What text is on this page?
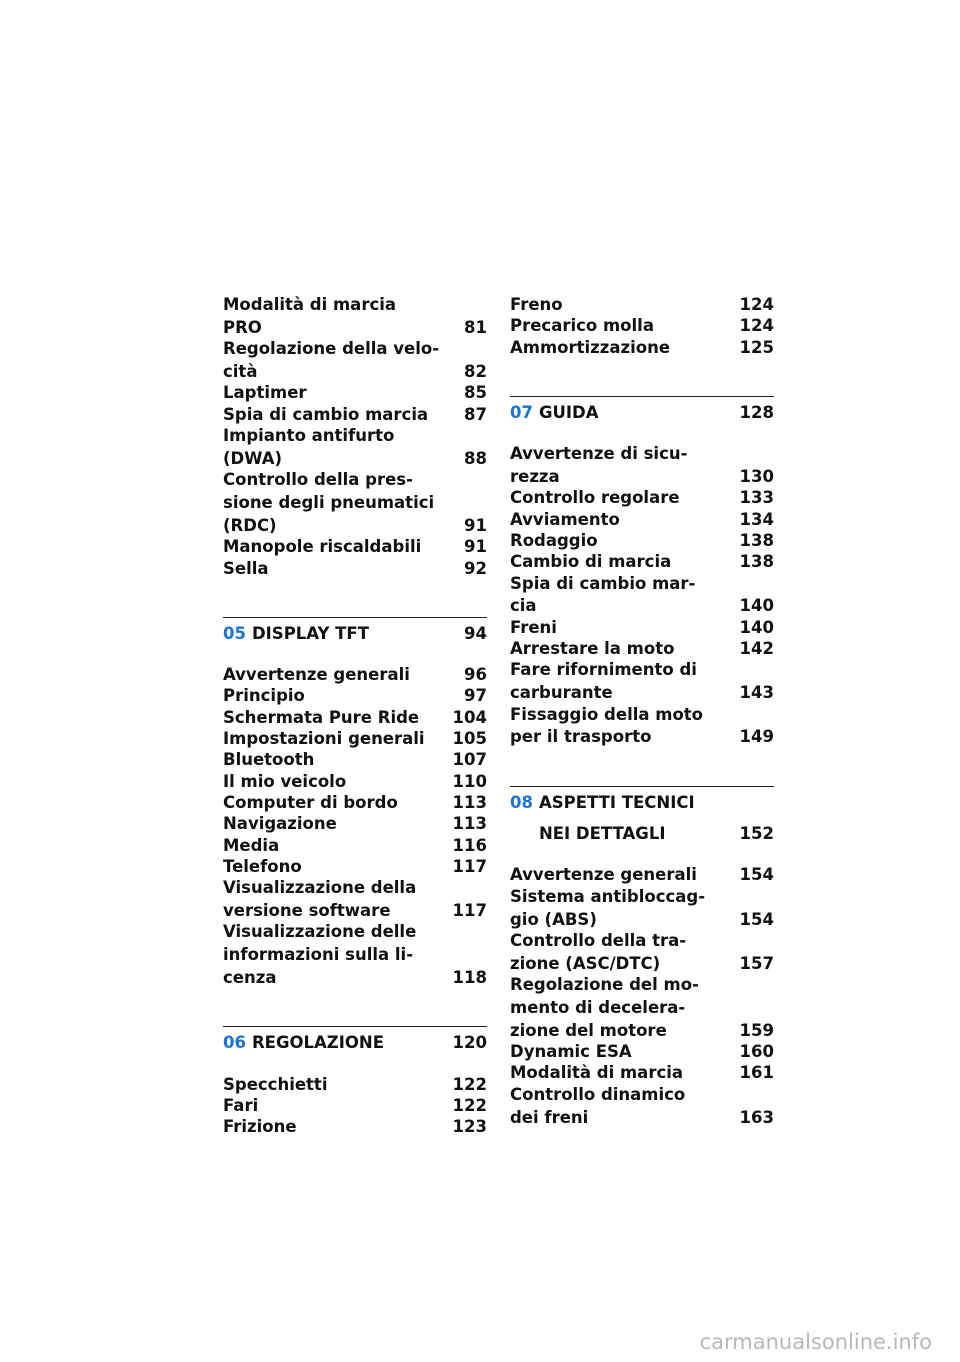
Modalità di marcia
PRO	81
Regolazione della velo-
cità	82
Laptimer	85
Spia di cambio marcia	87
Impianto antifurto
(DWA)	88
Controllo della pres-
sione degli pneumatici
(RDC)	91
Manopole riscaldabili	91
Sella	92
05 DISPLAY TFT	94
Avvertenze generali	96
Principio	97
Schermata Pure Ride	104
Impostazioni generali	105
Bluetooth	107
Il mio veicolo	110
Computer di bordo	113
Navigazione	113
Media	116
Telefono	117
Visualizzazione della
versione software	117
Visualizzazione delle
informazioni sulla li-
cenza	118
06 REGOLAZIONE	120
Specchietti	122
Fari	122
Frizione	123
Freno	124
Precarico molla	124
Ammortizzazione	125
07 GUIDA	128
Avvertenze di sicu-
rezza	130
Controllo regolare	133
Avviamento	134
Rodaggio	138
Cambio di marcia	138
Spia di cambio mar-
cia	140
Freni	140
Arrestare la moto	142
Fare rifornimento di
carburante	143
Fissaggio della moto
per il trasporto	149
08 ASPETTI TECNICI
NEI DETTAGLI	152
Avvertenze generali	154
Sistema antibloccag-
gio (ABS)	154
Controllo della tra-
zione (ASC/DTC)	157
Regolazione del mo-
mento di decelera-
zione del motore	159
Dynamic ESA	160
Modalità di marcia	161
Controllo dinamico
dei freni	163
carmanualsonline.info
